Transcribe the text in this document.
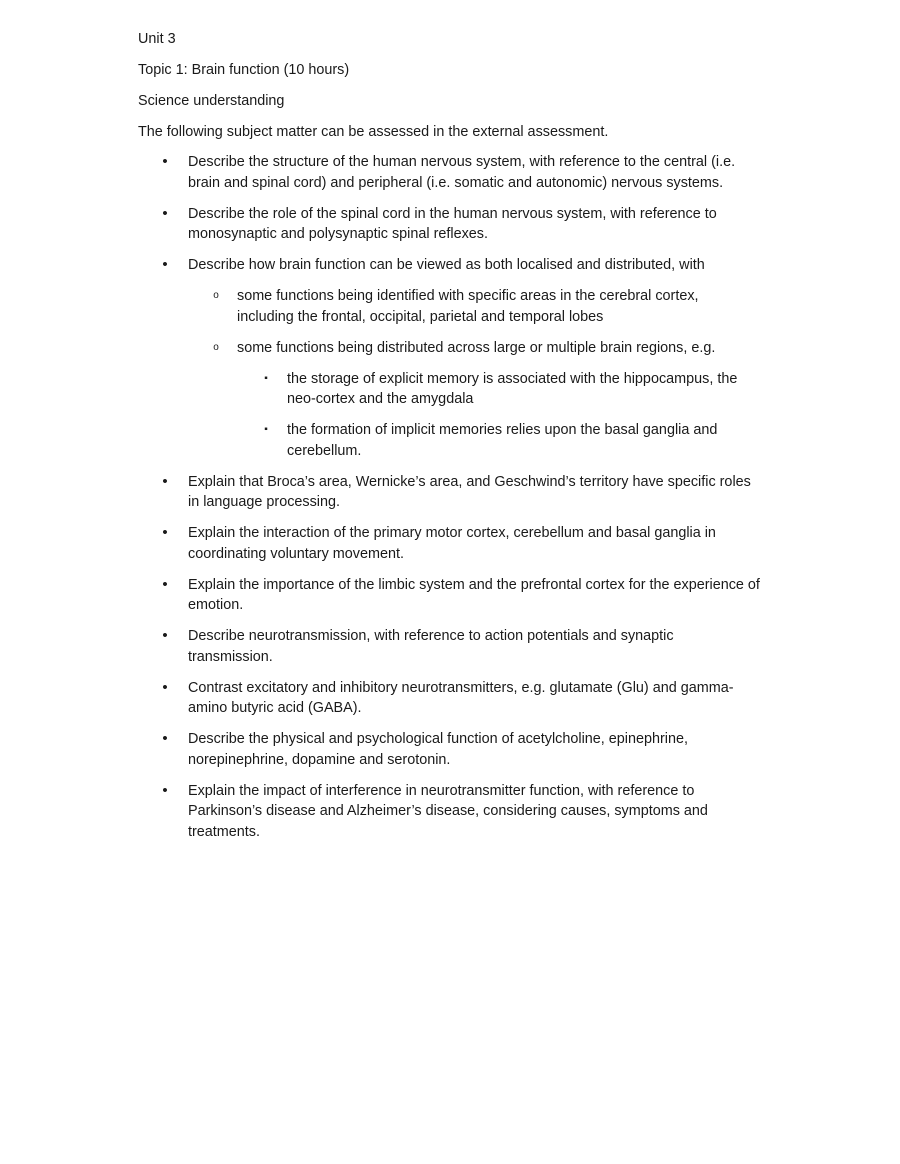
Unit 3

Topic 1: Brain function (10 hours)

Science understanding

The following subject matter can be assessed in the external assessment.

•	Describe the structure of the human nervous system, with reference to the central (i.e. brain and spinal cord) and peripheral (i.e. somatic and autonomic) nervous systems.
•	Describe the role of the spinal cord in the human nervous system, with reference to monosynaptic and polysynaptic spinal reflexes.
•	Describe how brain function can be viewed as both localised and distributed, with
o some functions being identified with specific areas in the cerebral cortex, including the frontal, occipital, parietal and temporal lobes
o some functions being distributed across large or multiple brain regions, e.g.
▪	the storage of explicit memory is associated with the hippocampus, the neo-cortex and the amygdala
▪	the formation of implicit memories relies upon the basal ganglia and cerebellum.
•	Explain that Broca’s area, Wernicke’s area, and Geschwind’s territory have specific roles in language processing.
•	Explain the interaction of the primary motor cortex, cerebellum and basal ganglia in coordinating voluntary movement.
•	Explain the importance of the limbic system and the prefrontal cortex for the experience of emotion.
•	Describe neurotransmission, with reference to action potentials and synaptic transmission.
•	Contrast excitatory and inhibitory neurotransmitters, e.g. glutamate (Glu) and gamma-amino butyric acid (GABA).
•	Describe the physical and psychological function of acetylcholine, epinephrine, norepinephrine, dopamine and serotonin.
•	Explain the impact of interference in neurotransmitter function, with reference to Parkinson’s disease and Alzheimer’s disease, considering causes, symptoms and treatments.
